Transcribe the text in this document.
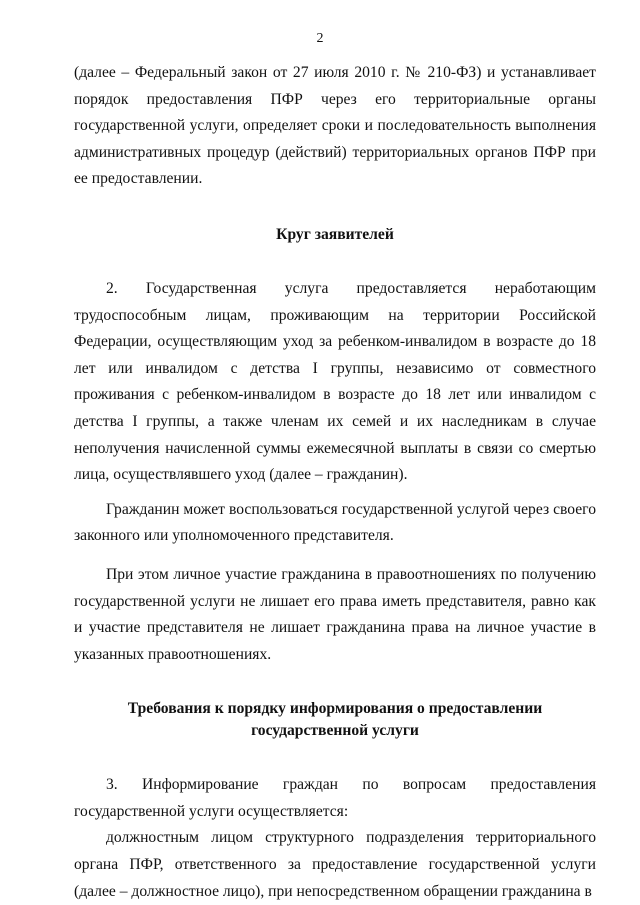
2

(далее – Федеральный закон от 27 июля 2010 г. № 210-ФЗ) и устанавливает порядок предоставления ПФР через его территориальные органы государственной услуги, определяет сроки и последовательность выполнения административных процедур (действий) территориальных органов ПФР при ее предоставлении.

Круг заявителей

2. Государственная услуга предоставляется неработающим трудоспособным лицам, проживающим на территории Российской Федерации, осуществляющим уход за ребенком-инвалидом в возрасте до 18 лет или инвалидом с детства I группы, независимо от совместного проживания с ребенком-инвалидом в возрасте до 18 лет или инвалидом с детства I группы, а также членам их семей и их наследникам в случае неполучения начисленной суммы ежемесячной выплаты в связи со смертью лица, осуществлявшего уход (далее – гражданин).

Гражданин может воспользоваться государственной услугой через своего законного или уполномоченного представителя.

При этом личное участие гражданина в правоотношениях по получению государственной услуги не лишает его права иметь представителя, равно как и участие представителя не лишает гражданина права на личное участие в указанных правоотношениях.

Требования к порядку информирования о предоставлении
государственной услуги

3. Информирование граждан по вопросам предоставления государственной услуги осуществляется:

должностным лицом структурного подразделения территориального органа ПФР, ответственного за предоставление государственной услуги (далее – должностное лицо), при непосредственном обращении гражданина в
